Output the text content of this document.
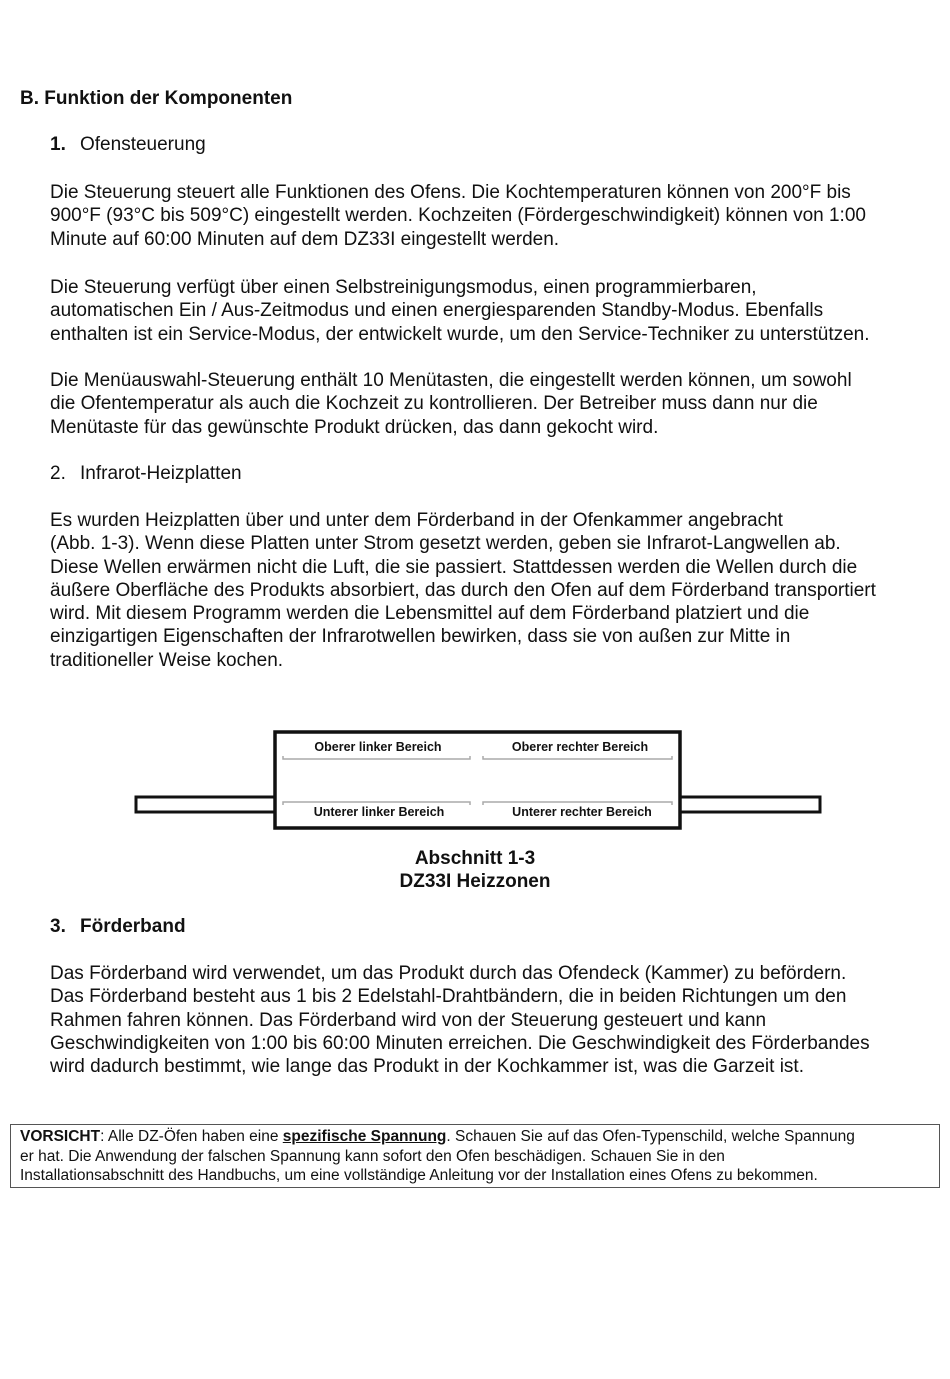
B. Funktion der Komponenten
1. Ofensteuerung
Die Steuerung steuert alle Funktionen des Ofens. Die Kochtemperaturen können von 200°F bis
900°F (93°C bis 509°C) eingestellt werden. Kochzeiten (Fördergeschwindigkeit) können von 1:00
Minute auf 60:00 Minuten auf dem DZ33I eingestellt werden.
Die Steuerung verfügt über einen Selbstreinigungsmodus, einen programmierbaren,
automatischen Ein / Aus-Zeitmodus und einen energiesparenden Standby-Modus. Ebenfalls
enthalten ist ein Service-Modus, der entwickelt wurde, um den Service-Techniker zu unterstützen.
Die Menüauswahl-Steuerung enthält 10 Menütasten, die eingestellt werden können, um sowohl
die Ofentemperatur als auch die Kochzeit zu kontrollieren. Der Betreiber muss dann nur die
Menütaste für das gewünschte Produkt drücken, das dann gekocht wird.
2. Infrarot-Heizplatten
Es wurden Heizplatten über und unter dem Förderband in der Ofenkammer angebracht
(Abb. 1-3). Wenn diese Platten unter Strom gesetzt werden, geben sie Infrarot-Langwellen ab.
Diese Wellen erwärmen nicht die Luft, die sie passiert. Stattdessen werden die Wellen durch die
äußere Oberfläche des Produkts absorbiert, das durch den Ofen auf dem Förderband transportiert
wird. Mit diesem Programm werden die Lebensmittel auf dem Förderband platziert und die
einzigartigen Eigenschaften der Infrarotwellen bewirken, dass sie von außen zur Mitte in
traditioneller Weise kochen.
Oberer linker Bereich	Oberer rechter Bereich
Unterer linker Bereich	Unterer rechter Bereich
Abschnitt 1-3
DZ33I Heizzonen
3. Förderband
Das Förderband wird verwendet, um das Produkt durch das Ofendeck (Kammer) zu befördern.
Das Förderband besteht aus 1 bis 2 Edelstahl-Drahtbändern, die in beiden Richtungen um den
Rahmen fahren können. Das Förderband wird von der Steuerung gesteuert und kann
Geschwindigkeiten von 1:00 bis 60:00 Minuten erreichen. Die Geschwindigkeit des Förderbandes
wird dadurch bestimmt, wie lange das Produkt in der Kochkammer ist, was die Garzeit ist.
VORSICHT: Alle DZ-Öfen haben eine spezifische Spannung. Schauen Sie auf das Ofen-Typenschild, welche Spannung
er hat. Die Anwendung der falschen Spannung kann sofort den Ofen beschädigen. Schauen Sie in den
Installationsabschnitt des Handbuchs, um eine vollständige Anleitung vor der Installation eines Ofens zu bekommen.
